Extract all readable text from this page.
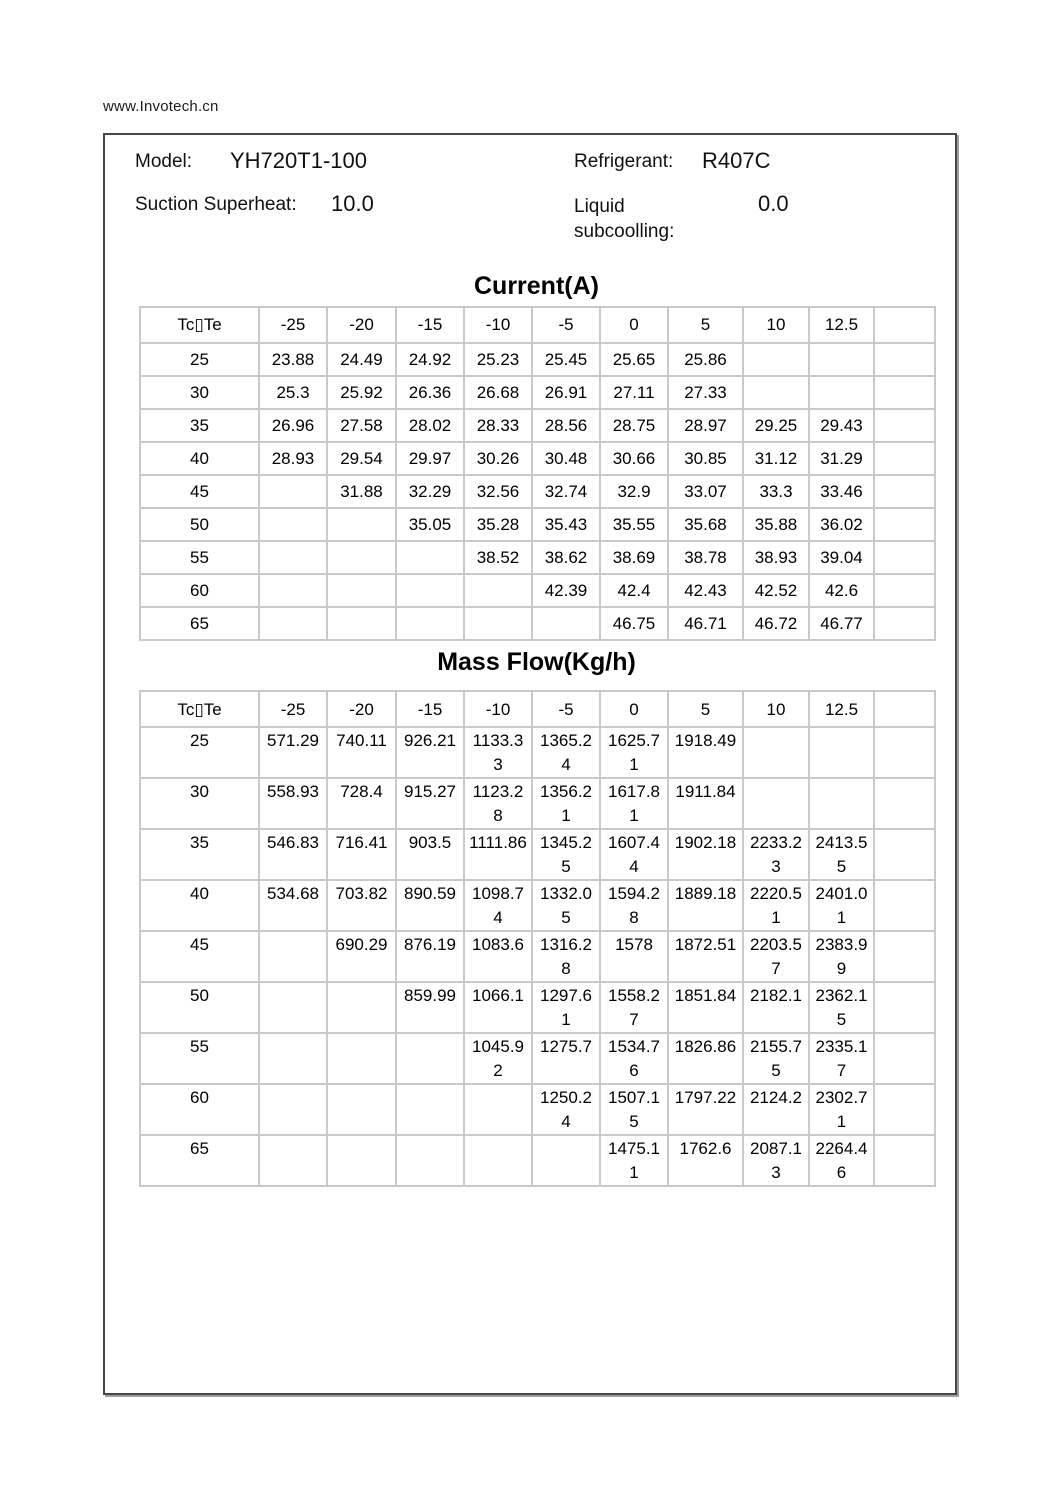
www.Invotech.cn
Model: YH720T1-100	Refrigerant: R407C
Suction Superheat: 10.0	Liquid subcoolling:
0.0
Current(A)
Tc▯Te	-25	-20	-15	-10	-5	0	5	10	12.5	
25	23.88	24.49	24.92	25.23	25.45	25.65	25.86			
30	25.3	25.92	26.36	26.68	26.91	27.11	27.33			
35	26.96	27.58	28.02	28.33	28.56	28.75	28.97	29.25	29.43	
40	28.93	29.54	29.97	30.26	30.48	30.66	30.85	31.12	31.29	
45		31.88	32.29	32.56	32.74	32.9	33.07	33.3	33.46	
50			35.05	35.28	35.43	35.55	35.68	35.88	36.02	
55				38.52	38.62	38.69	38.78	38.93	39.04	
60					42.39	42.4	42.43	42.52	42.6	
65						46.75	46.71	46.72	46.77	
Mass Flow(Kg/h)
Tc▯Te	-25	-20	-15	-10	-5	0	5	10	12.5	
25	571.29	740.11	926.21	1133.33	1365.24	1625.71	1918.49			
30	558.93	728.4	915.27	1123.28	1356.21	1617.81	1911.84			
35	546.83	716.41	903.5	1111.86	1345.25	1607.44	1902.18	2233.23	2413.55	
40	534.68	703.82	890.59	1098.74	1332.05	1594.28	1889.18	2220.51	2401.01	
45		690.29	876.19	1083.6	1316.28	1578	1872.51	2203.57	2383.99	
50			859.99	1066.1	1297.61	1558.27	1851.84	2182.1	2362.15	
55				1045.92	1275.7	1534.76	1826.86	2155.75	2335.17	
60					1250.24	1507.15	1797.22	2124.2	2302.71	
65						1475.11	1762.6	2087.13	2264.46	
